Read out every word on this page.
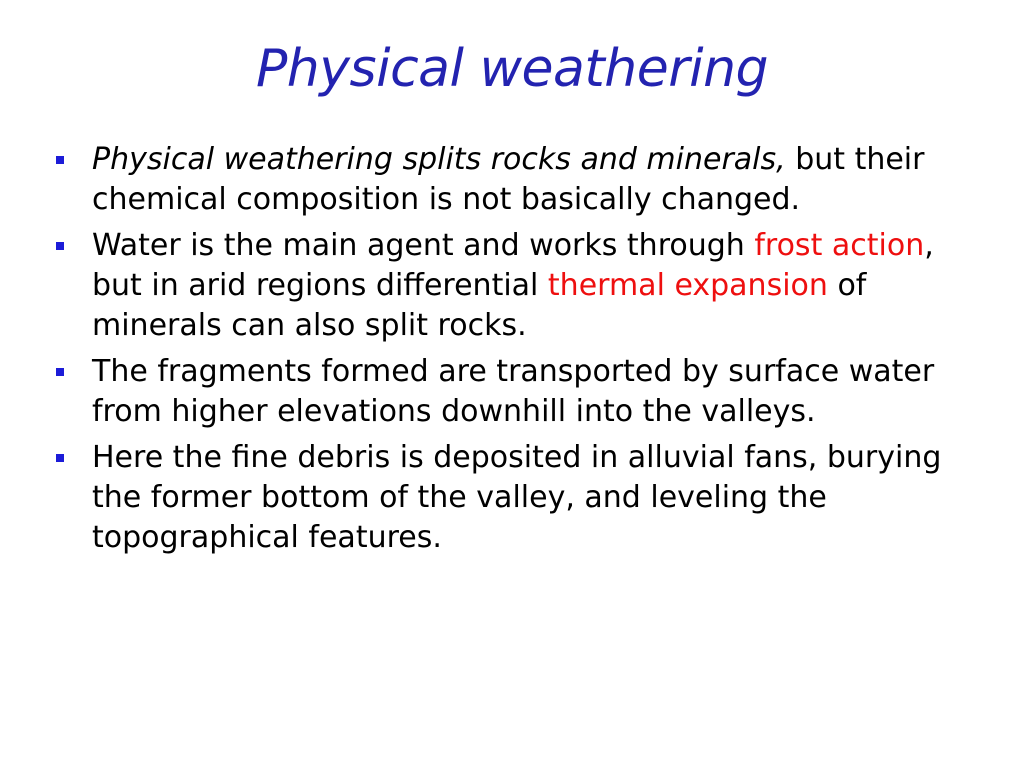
Physical weathering
Physical weathering splits rocks and minerals, but their chemical composition is not basically changed.
Water is the main agent and works through frost action, but in arid regions differential thermal expansion of minerals can also split rocks.
The fragments formed are transported by surface water from higher elevations downhill into the valleys.
Here the fine debris is deposited in alluvial fans, burying the former bottom of the valley, and leveling the topographical features.
